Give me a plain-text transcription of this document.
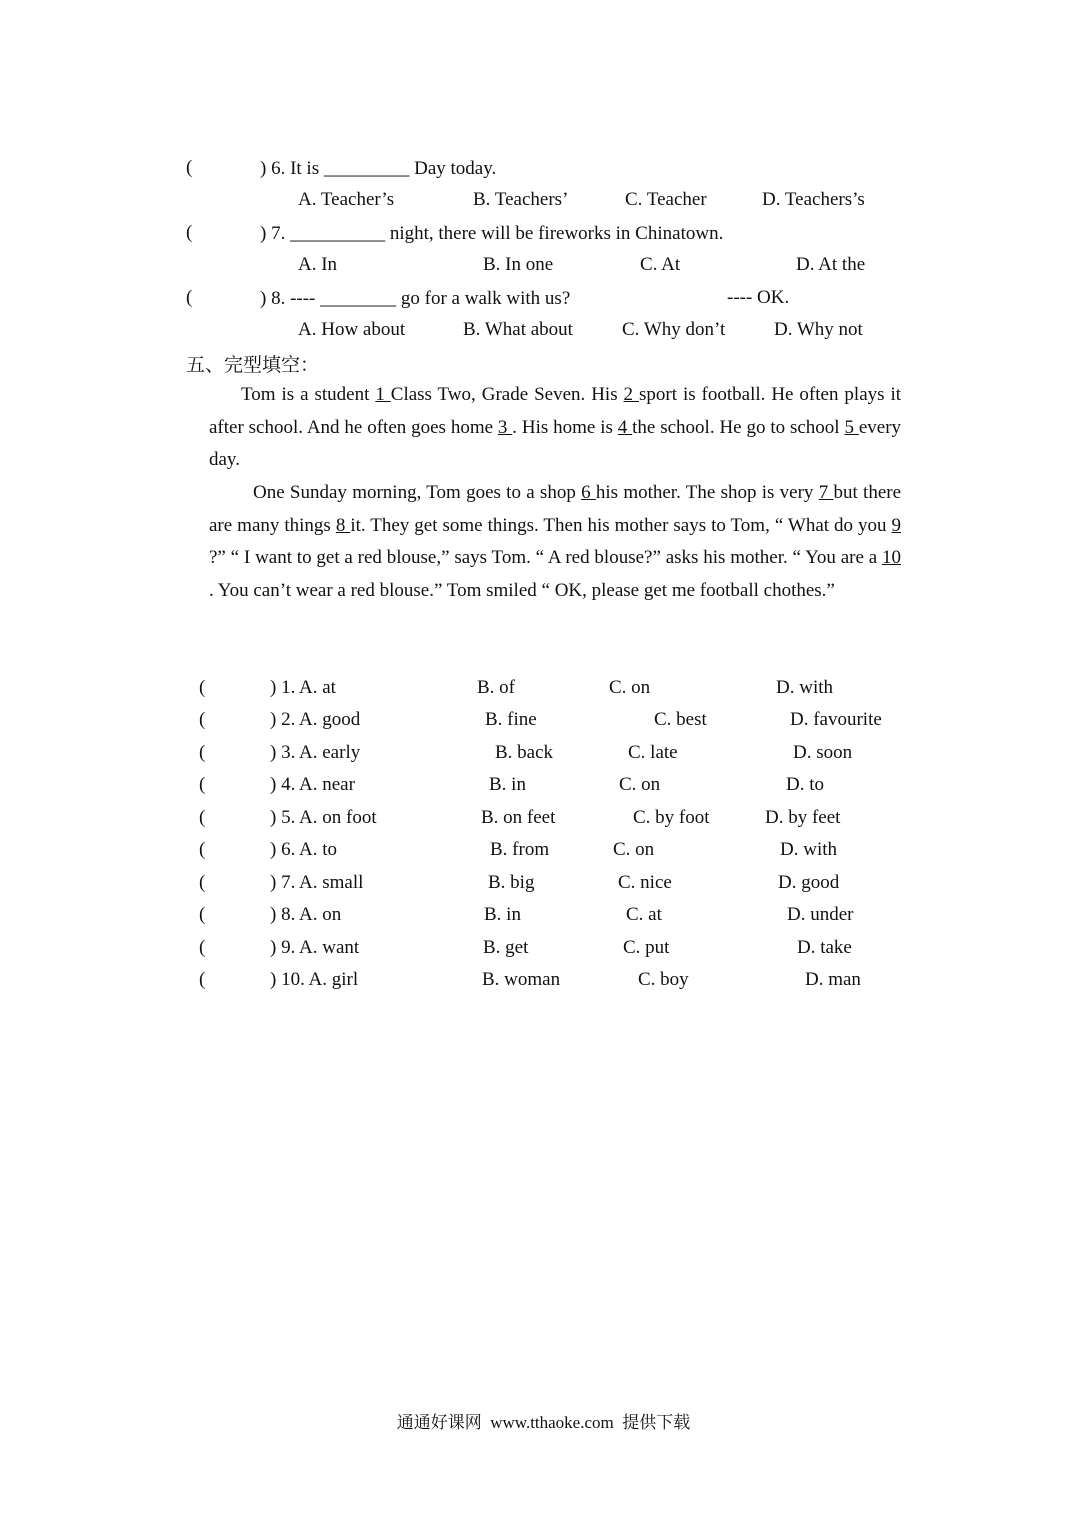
(	) 6. It is _________ Day today.
A. Teacher’s	B. Teachers’	C. Teacher	D. Teachers’s
(	) 7. __________ night, there will be fireworks in Chinatown.
A. In	B. In one	C. At	D. At the
(	) 8. ---- ________ go for a walk with us?	---- OK.
A. How about	B. What about	C. Why don’t	D. Why not
五、完型填空：
Tom is a student 1 Class Two, Grade Seven. His 2 sport is football. He often plays it after school. And he often goes home 3 . His home is 4 the school. He go to school 5 every day.
One Sunday morning, Tom goes to a shop 6 his mother. The shop is very 7 but there are many things 8 it. They get some things. Then his mother says to Tom, “ What do you 9 ?” “ I want to get a red blouse,” says Tom. “ A red blouse?” asks his mother. “ You are a 10 . You can’t wear a red blouse.” Tom smiled “ OK, please get me football chothes.”
(	) 1. A. at	B. of	C. on	D. with
(	) 2. A. good	B. fine	C. best	D. favourite
(	) 3. A. early	B. back	C. late	D. soon
(	) 4. A. near	B. in	C. on	D. to
(	) 5. A. on foot	B. on feet	C. by foot	D. by feet
(	) 6. A. to	B. from	C. on	D. with
(	) 7. A. small	B. big	C. nice	D. good
(	) 8. A. on	B. in	C. at	D. under
(	) 9. A. want	B. get	C. put	D. take
(	) 10. A. girl	B. woman	C. boy	D. man
通通好课网  www.tthaoke.com  提供下载
